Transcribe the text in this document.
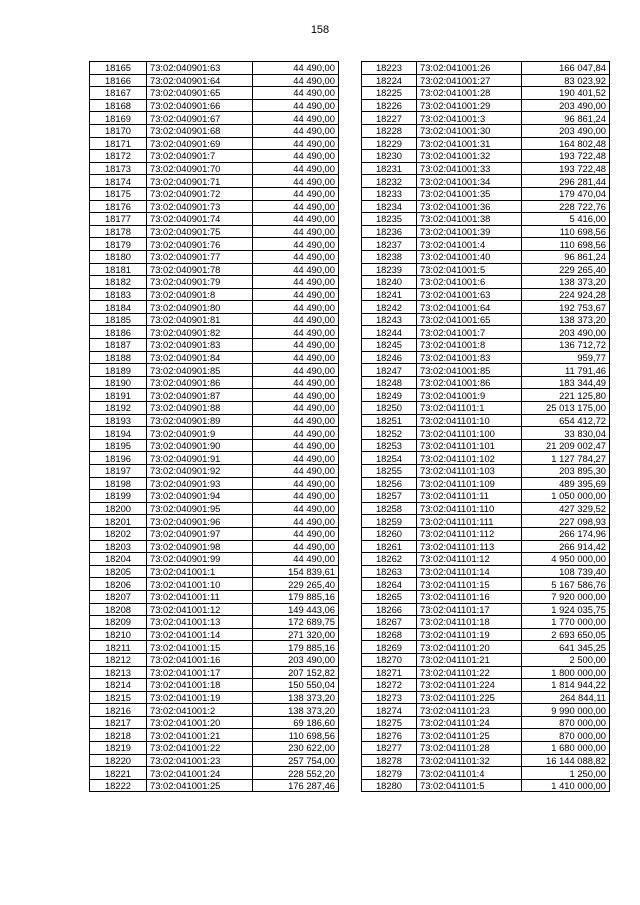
158
18165	73:02:040901:63	44 490,00
18166	73:02:040901:64	44 490,00
18167	73:02:040901:65	44 490,00
18168	73:02:040901:66	44 490,00
18169	73:02:040901:67	44 490,00
18170	73:02:040901:68	44 490,00
18171	73:02:040901:69	44 490,00
18172	73:02:040901:7	44 490,00
18173	73:02:040901:70	44 490,00
18174	73:02:040901:71	44 490,00
18175	73:02:040901:72	44 490,00
18176	73:02:040901:73	44 490,00
18177	73:02:040901:74	44 490,00
18178	73:02:040901:75	44 490,00
18179	73:02:040901:76	44 490,00
18180	73:02:040901:77	44 490,00
18181	73:02:040901:78	44 490,00
18182	73:02:040901:79	44 490,00
18183	73:02:040901:8	44 490,00
18184	73:02:040901:80	44 490,00
18185	73:02:040901:81	44 490,00
18186	73:02:040901:82	44 490,00
18187	73:02:040901:83	44 490,00
18188	73:02:040901:84	44 490,00
18189	73:02:040901:85	44 490,00
18190	73:02:040901:86	44 490,00
18191	73:02:040901:87	44 490,00
18192	73:02:040901:88	44 490,00
18193	73:02:040901:89	44 490,00
18194	73:02:040901:9	44 490,00
18195	73:02:040901:90	44 490,00
18196	73:02:040901:91	44 490,00
18197	73:02:040901:92	44 490,00
18198	73:02:040901:93	44 490,00
18199	73:02:040901:94	44 490,00
18200	73:02:040901:95	44 490,00
18201	73:02:040901:96	44 490,00
18202	73:02:040901:97	44 490,00
18203	73:02:040901:98	44 490,00
18204	73:02:040901:99	44 490,00
18205	73:02:041001:1	154 839,61
18206	73:02:041001:10	229 265,40
18207	73:02:041001:11	179 885,16
18208	73:02:041001:12	149 443,06
18209	73:02:041001:13	172 689,75
18210	73:02:041001:14	271 320,00
18211	73:02:041001:15	179 885,16
18212	73:02:041001:16	203 490,00
18213	73:02:041001:17	207 152,82
18214	73:02:041001:18	150 550,04
18215	73:02:041001:19	138 373,20
18216	73:02:041001:2	138 373,20
18217	73:02:041001:20	69 186,60
18218	73:02:041001:21	110 698,56
18219	73:02:041001:22	230 622,00
18220	73:02:041001:23	257 754,00
18221	73:02:041001:24	228 552,20
18222	73:02:041001:25	176 287,46
18223	73:02:041001:26	166 047,84
18224	73:02:041001:27	83 023,92
18225	73:02:041001:28	190 401,52
18226	73:02:041001:29	203 490,00
18227	73:02:041001:3	96 861,24
18228	73:02:041001:30	203 490,00
18229	73:02:041001:31	164 802,48
18230	73:02:041001:32	193 722,48
18231	73:02:041001:33	193 722,48
18232	73:02:041001:34	296 281,44
18233	73:02:041001:35	179 470,04
18234	73:02:041001:36	228 722,76
18235	73:02:041001:38	5 416,00
18236	73:02:041001:39	110 698,56
18237	73:02:041001:4	110 698,56
18238	73:02:041001:40	96 861,24
18239	73:02:041001:5	229 265,40
18240	73:02:041001:6	138 373,20
18241	73:02:041001:63	224 924,28
18242	73:02:041001:64	192 753,67
18243	73:02:041001:65	138 373,20
18244	73:02:041001:7	203 490,00
18245	73:02:041001:8	136 712,72
18246	73:02:041001:83	959,77
18247	73:02:041001:85	11 791,46
18248	73:02:041001:86	183 344,49
18249	73:02:041001:9	221 125,80
18250	73:02:041101:1	25 013 175,00
18251	73:02:041101:10	654 412,72
18252	73:02:041101:100	33 830,04
18253	73:02:041101:101	21 209 002,47
18254	73:02:041101:102	1 127 784,27
18255	73:02:041101:103	203 895,30
18256	73:02:041101:109	489 395,69
18257	73:02:041101:11	1 050 000,00
18258	73:02:041101:110	427 329,52
18259	73:02:041101:111	227 098,93
18260	73:02:041101:112	266 174,96
18261	73:02:041101:113	266 914,42
18262	73:02:041101:12	4 950 000,00
18263	73:02:041101:14	108 739,40
18264	73:02:041101:15	5 167 586,76
18265	73:02:041101:16	7 920 000,00
18266	73:02:041101:17	1 924 035,75
18267	73:02:041101:18	1 770 000,00
18268	73:02:041101:19	2 693 650,05
18269	73:02:041101:20	641 345,25
18270	73:02:041101:21	2 500,00
18271	73:02:041101:22	1 800 000,00
18272	73:02:041101:224	1 814 944,22
18273	73:02:041101:225	264 844,11
18274	73:02:041101:23	9 990 000,00
18275	73:02:041101:24	870 000,00
18276	73:02:041101:25	870 000,00
18277	73:02:041101:28	1 680 000,00
18278	73:02:041101:32	16 144 088,82
18279	73:02:041101:4	1 250,00
18280	73:02:041101:5	1 410 000,00
